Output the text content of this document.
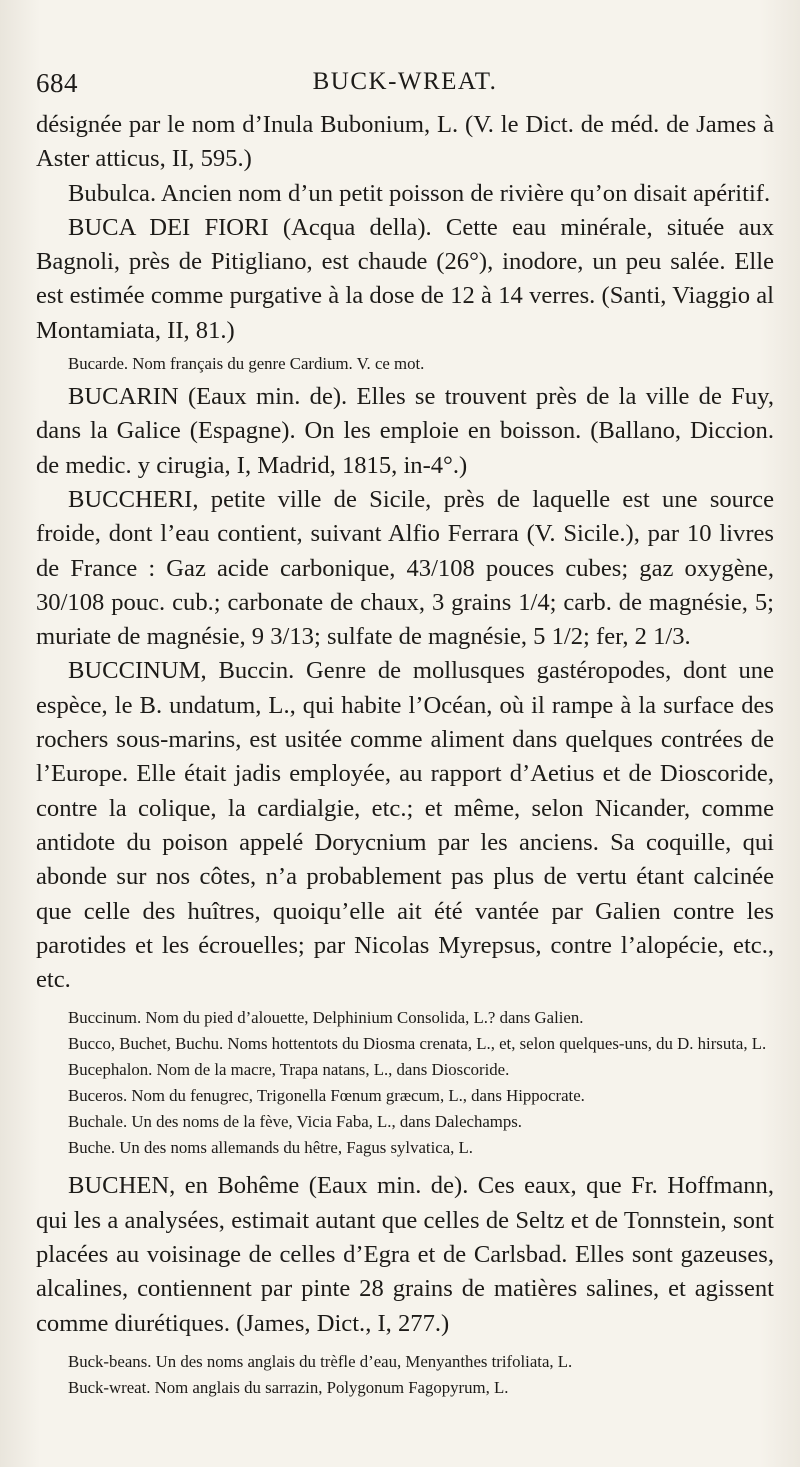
684	BUCK-WREAT.

désignée par le nom d’Inula Bubonium, L. (V. le Dict. de méd. de James à Aster atticus, II, 595.)

Bubulca. Ancien nom d’un petit poisson de rivière qu’on disait apéritif.

BUCA DEI FIORI (Acqua della). Cette eau minérale, située aux Bagnoli, près de Pitigliano, est chaude (26°), inodore, un peu salée. Elle est estimée comme purgative à la dose de 12 à 14 verres. (Santi, Viaggio al Montamiata, II, 81.)

Bucarde. Nom français du genre Cardium. V. ce mot.

BUCARIN (Eaux min. de). Elles se trouvent près de la ville de Fuy, dans la Galice (Espagne). On les emploie en boisson. (Ballano, Diccion. de medic. y cirugia, I, Madrid, 1815, in-4°.)

BUCCHERI, petite ville de Sicile, près de laquelle est une source froide, dont l’eau contient, suivant Alfio Ferrara (V. Sicile.), par 10 livres de France : Gaz acide carbonique, 43/108 pouces cubes; gaz oxygène, 30/108 pouc. cub.; carbonate de chaux, 3 grains 1/4; carb. de magnésie, 5; muriate de magnésie, 9 3/13; sulfate de magnésie, 5 1/2; fer, 2 1/3.

BUCCINUM, Buccin. Genre de mollusques gastéropodes, dont une espèce, le B. undatum, L., qui habite l’Océan, où il rampe à la surface des rochers sous-marins, est usitée comme aliment dans quelques contrées de l’Europe. Elle était jadis employée, au rapport d’Aetius et de Dioscoride, contre la colique, la cardialgie, etc.; et même, selon Nicander, comme antidote du poison appelé Dorycnium par les anciens. Sa coquille, qui abonde sur nos côtes, n’a probablement pas plus de vertu étant calcinée que celle des huîtres, quoiqu’elle ait été vantée par Galien contre les parotides et les écrouelles; par Nicolas Myrepsus, contre l’alopécie, etc., etc.

Buccinum. Nom du pied d’alouette, Delphinium Consolida, L.? dans Galien.

Bucco, Buchet, Buchu. Noms hottentots du Diosma crenata, L., et, selon quelques-uns, du D. hirsuta, L.

Bucephalon. Nom de la macre, Trapa natans, L., dans Dioscoride.

Buceros. Nom du fenugrec, Trigonella Fœnum græcum, L., dans Hippocrate.

Buchale. Un des noms de la fève, Vicia Faba, L., dans Dalechamps.

Buche. Un des noms allemands du hêtre, Fagus sylvatica, L.

BUCHEN, en Bohême (Eaux min. de). Ces eaux, que Fr. Hoffmann, qui les a analysées, estimait autant que celles de Seltz et de Tonnstein, sont placées au voisinage de celles d’Egra et de Carlsbad. Elles sont gazeuses, alcalines, contiennent par pinte 28 grains de matières salines, et agissent comme diurétiques. (James, Dict., I, 277.)

Buck-beans. Un des noms anglais du trèfle d’eau, Menyanthes trifoliata, L.

Buck-wreat. Nom anglais du sarrazin, Polygonum Fagopyrum, L.
